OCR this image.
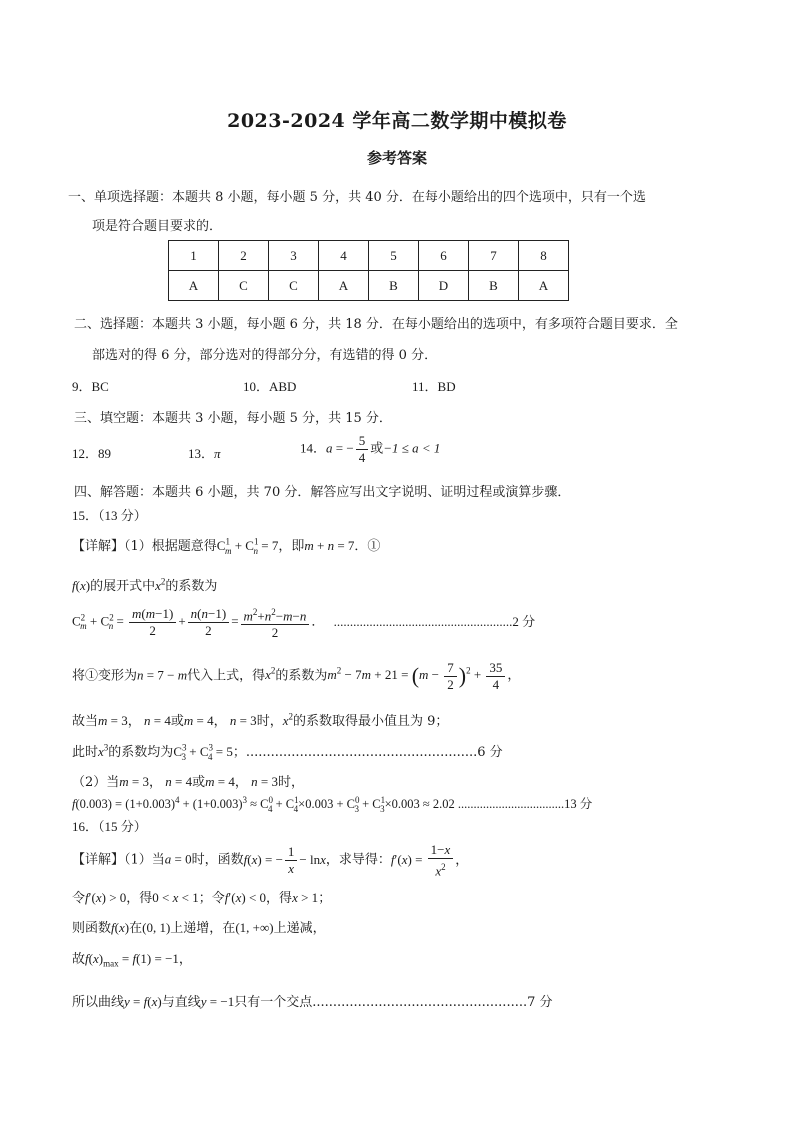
2023-2024 学年高二数学期中模拟卷
参考答案
一、单项选择题：本题共 8 小题，每小题 5 分，共 40 分．在每小题给出的四个选项中，只有一个选
项是符合题目要求的．
1	2	3	4	5	6	7	8
A	C	C	A	B	D	B	A
二、选择题：本题共 3 小题，每小题 6 分，共 18 分．在每小题给出的选项中，有多项符合题目要求．全
部选对的得 6 分，部分选对的得部分分，有选错的得 0 分．
9．BC	10．ABD	11．BD
三、填空题：本题共 3 小题，每小题 5 分，共 15 分．
12．89	13．π	14．a = − $\frac{5}{4}$ 或−1 ≤ a < 1
四、解答题：本题共 6 小题，共 70 分．解答应写出文字说明、证明过程或演算步骤．
15．（13 分）
【详解】（1）根据题意得$C^1_m + C^1_n = 7$，即m + n = 7．①
f(x)的展开式中$x^2$的系数为
$C^2_m + C^2_n = \frac{m(m-1)}{2} + \frac{n(n-1)}{2} = \frac{m^2+n^2-m-n}{2}$ ． .......................................................2 分
将①变形为n = 7 − m代入上式，得$x^2$的系数为$m^2 - 7m + 21 = (m - \frac{7}{2} )^2 + \frac{35}{4}$ ，
故当m = 3， n = 4或m = 4， n = 3时，$x^2$的系数取得最小值且为 9；
此时$x^3$的系数均为$C^3_3 + C^3_4 = 5$；........................................................6 分
（2）当m = 3， n = 4或m = 4， n = 3时，
$f(0.003) = (1+0.003)^4 + (1+0.003)^3 \approx C^0_4 + C^1_4\times 0.003 + C^0_3 + C^1_3\times 0.003 \approx 2.02$ ..................................13 分
16．（15 分）
【详解】（1）当a = 0时，函数f(x) = − $\frac{1}{x} - \ln x$，求导得：$f'(x) = \frac{1-x}{x^2}$ ，
令f′(x) > 0，得0 < x < 1；令f′(x) < 0，得x > 1；
则函数f(x)在(0, 1)上递增，在(1, +∞)上递减，
故$f(x)_{max} = f(1) = -1$，
所以曲线y = f(x)与直线y = −1只有一个交点....................................................7 分
